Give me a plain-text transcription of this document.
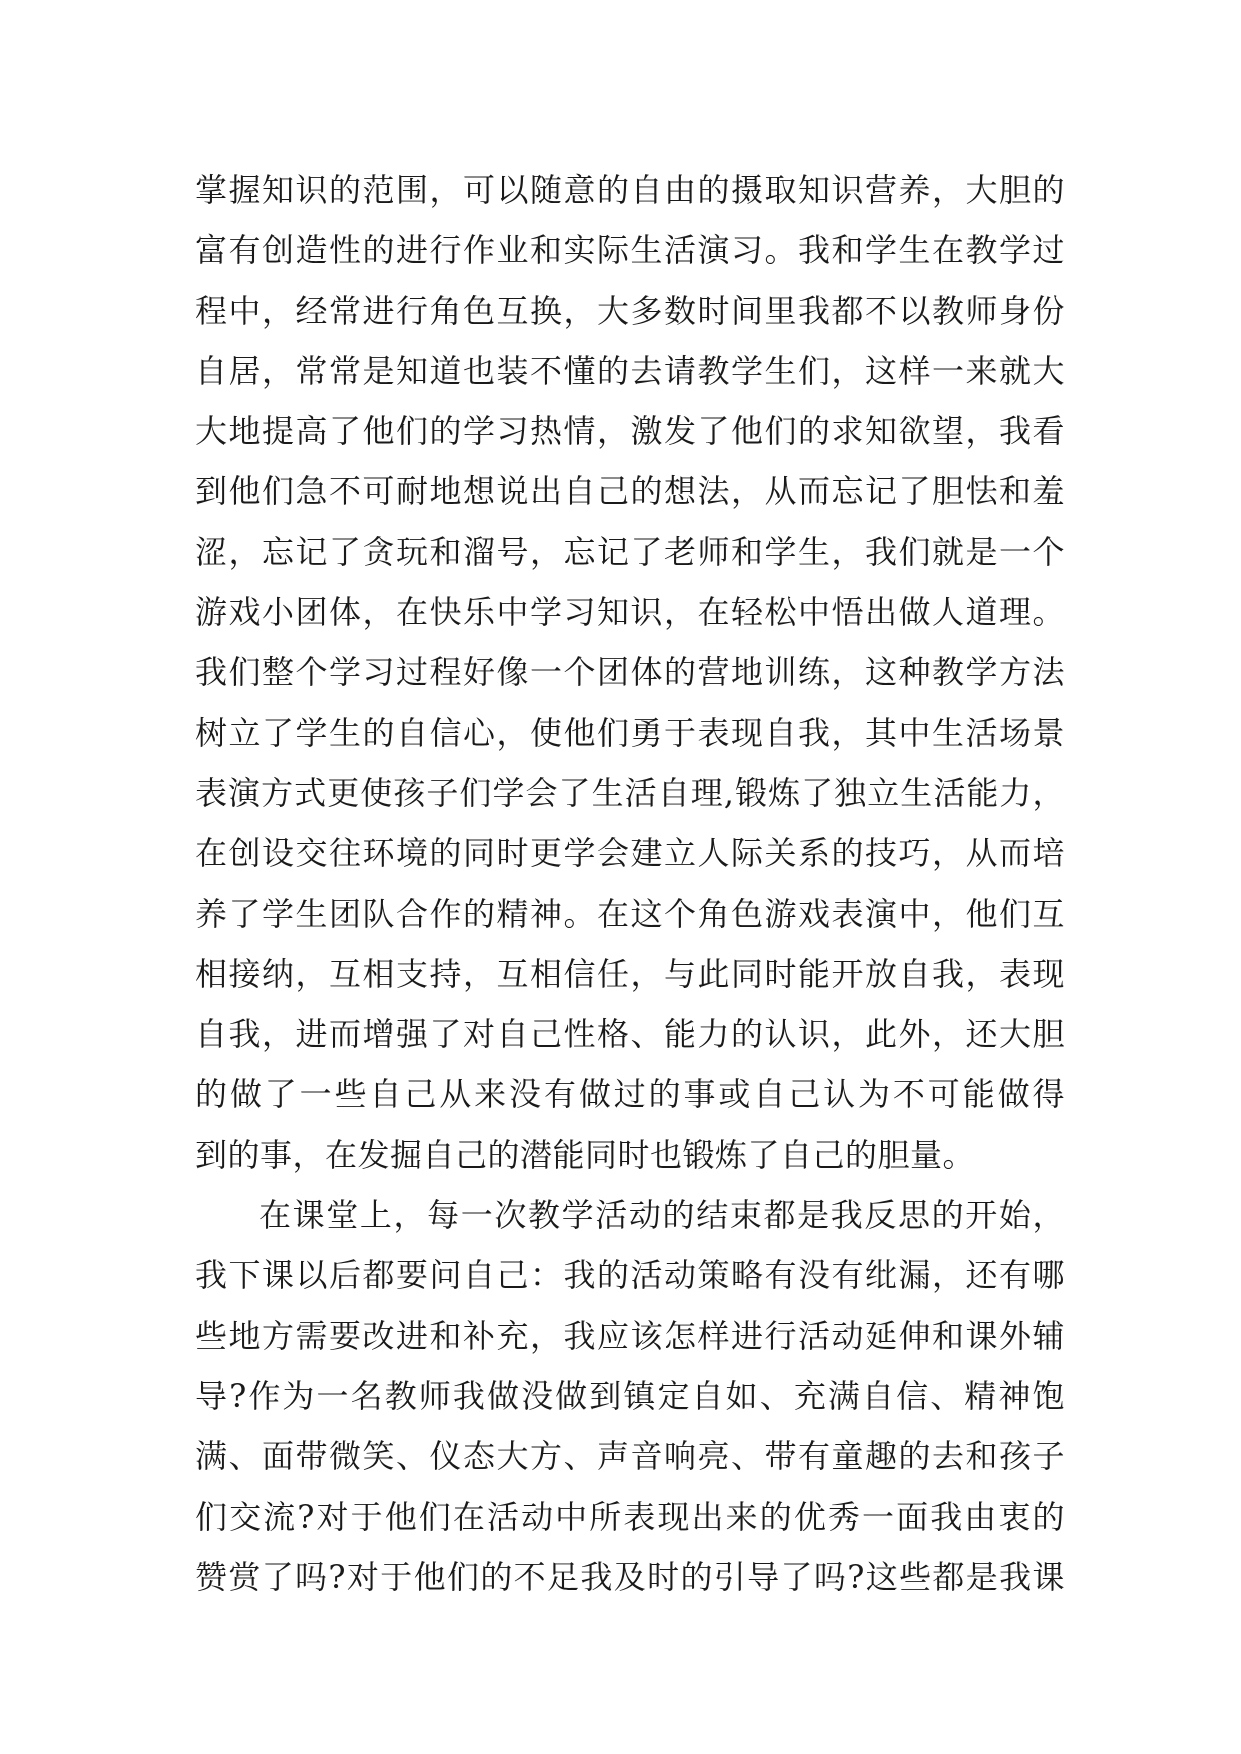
掌握知识的范围，可以随意的自由的摄取知识营养，大胆的
富有创造性的进行作业和实际生活演习。我和学生在教学过
程中，经常进行角色互换，大多数时间里我都不以教师身份
自居，常常是知道也装不懂的去请教学生们，这样一来就大
大地提高了他们的学习热情，激发了他们的求知欲望，我看
到他们急不可耐地想说出自己的想法，从而忘记了胆怯和羞
涩，忘记了贪玩和溜号，忘记了老师和学生，我们就是一个
游戏小团体，在快乐中学习知识，在轻松中悟出做人道理。
我们整个学习过程好像一个团体的营地训练，这种教学方法
树立了学生的自信心，使他们勇于表现自我，其中生活场景
表演方式更使孩子们学会了生活自理,锻炼了独立生活能力，
在创设交往环境的同时更学会建立人际关系的技巧，从而培
养了学生团队合作的精神。在这个角色游戏表演中，他们互
相接纳，互相支持，互相信任，与此同时能开放自我，表现
自我，进而增强了对自己性格、能力的认识，此外，还大胆
的做了一些自己从来没有做过的事或自己认为不可能做得
到的事，在发掘自己的潜能同时也锻炼了自己的胆量。
在课堂上，每一次教学活动的结束都是我反思的开始，
我下课以后都要问自己：我的活动策略有没有纰漏，还有哪
些地方需要改进和补充，我应该怎样进行活动延伸和课外辅
导?作为一名教师我做没做到镇定自如、充满自信、精神饱
满、面带微笑、仪态大方、声音响亮、带有童趣的去和孩子
们交流?对于他们在活动中所表现出来的优秀一面我由衷的
赞赏了吗?对于他们的不足我及时的引导了吗?这些都是我课
